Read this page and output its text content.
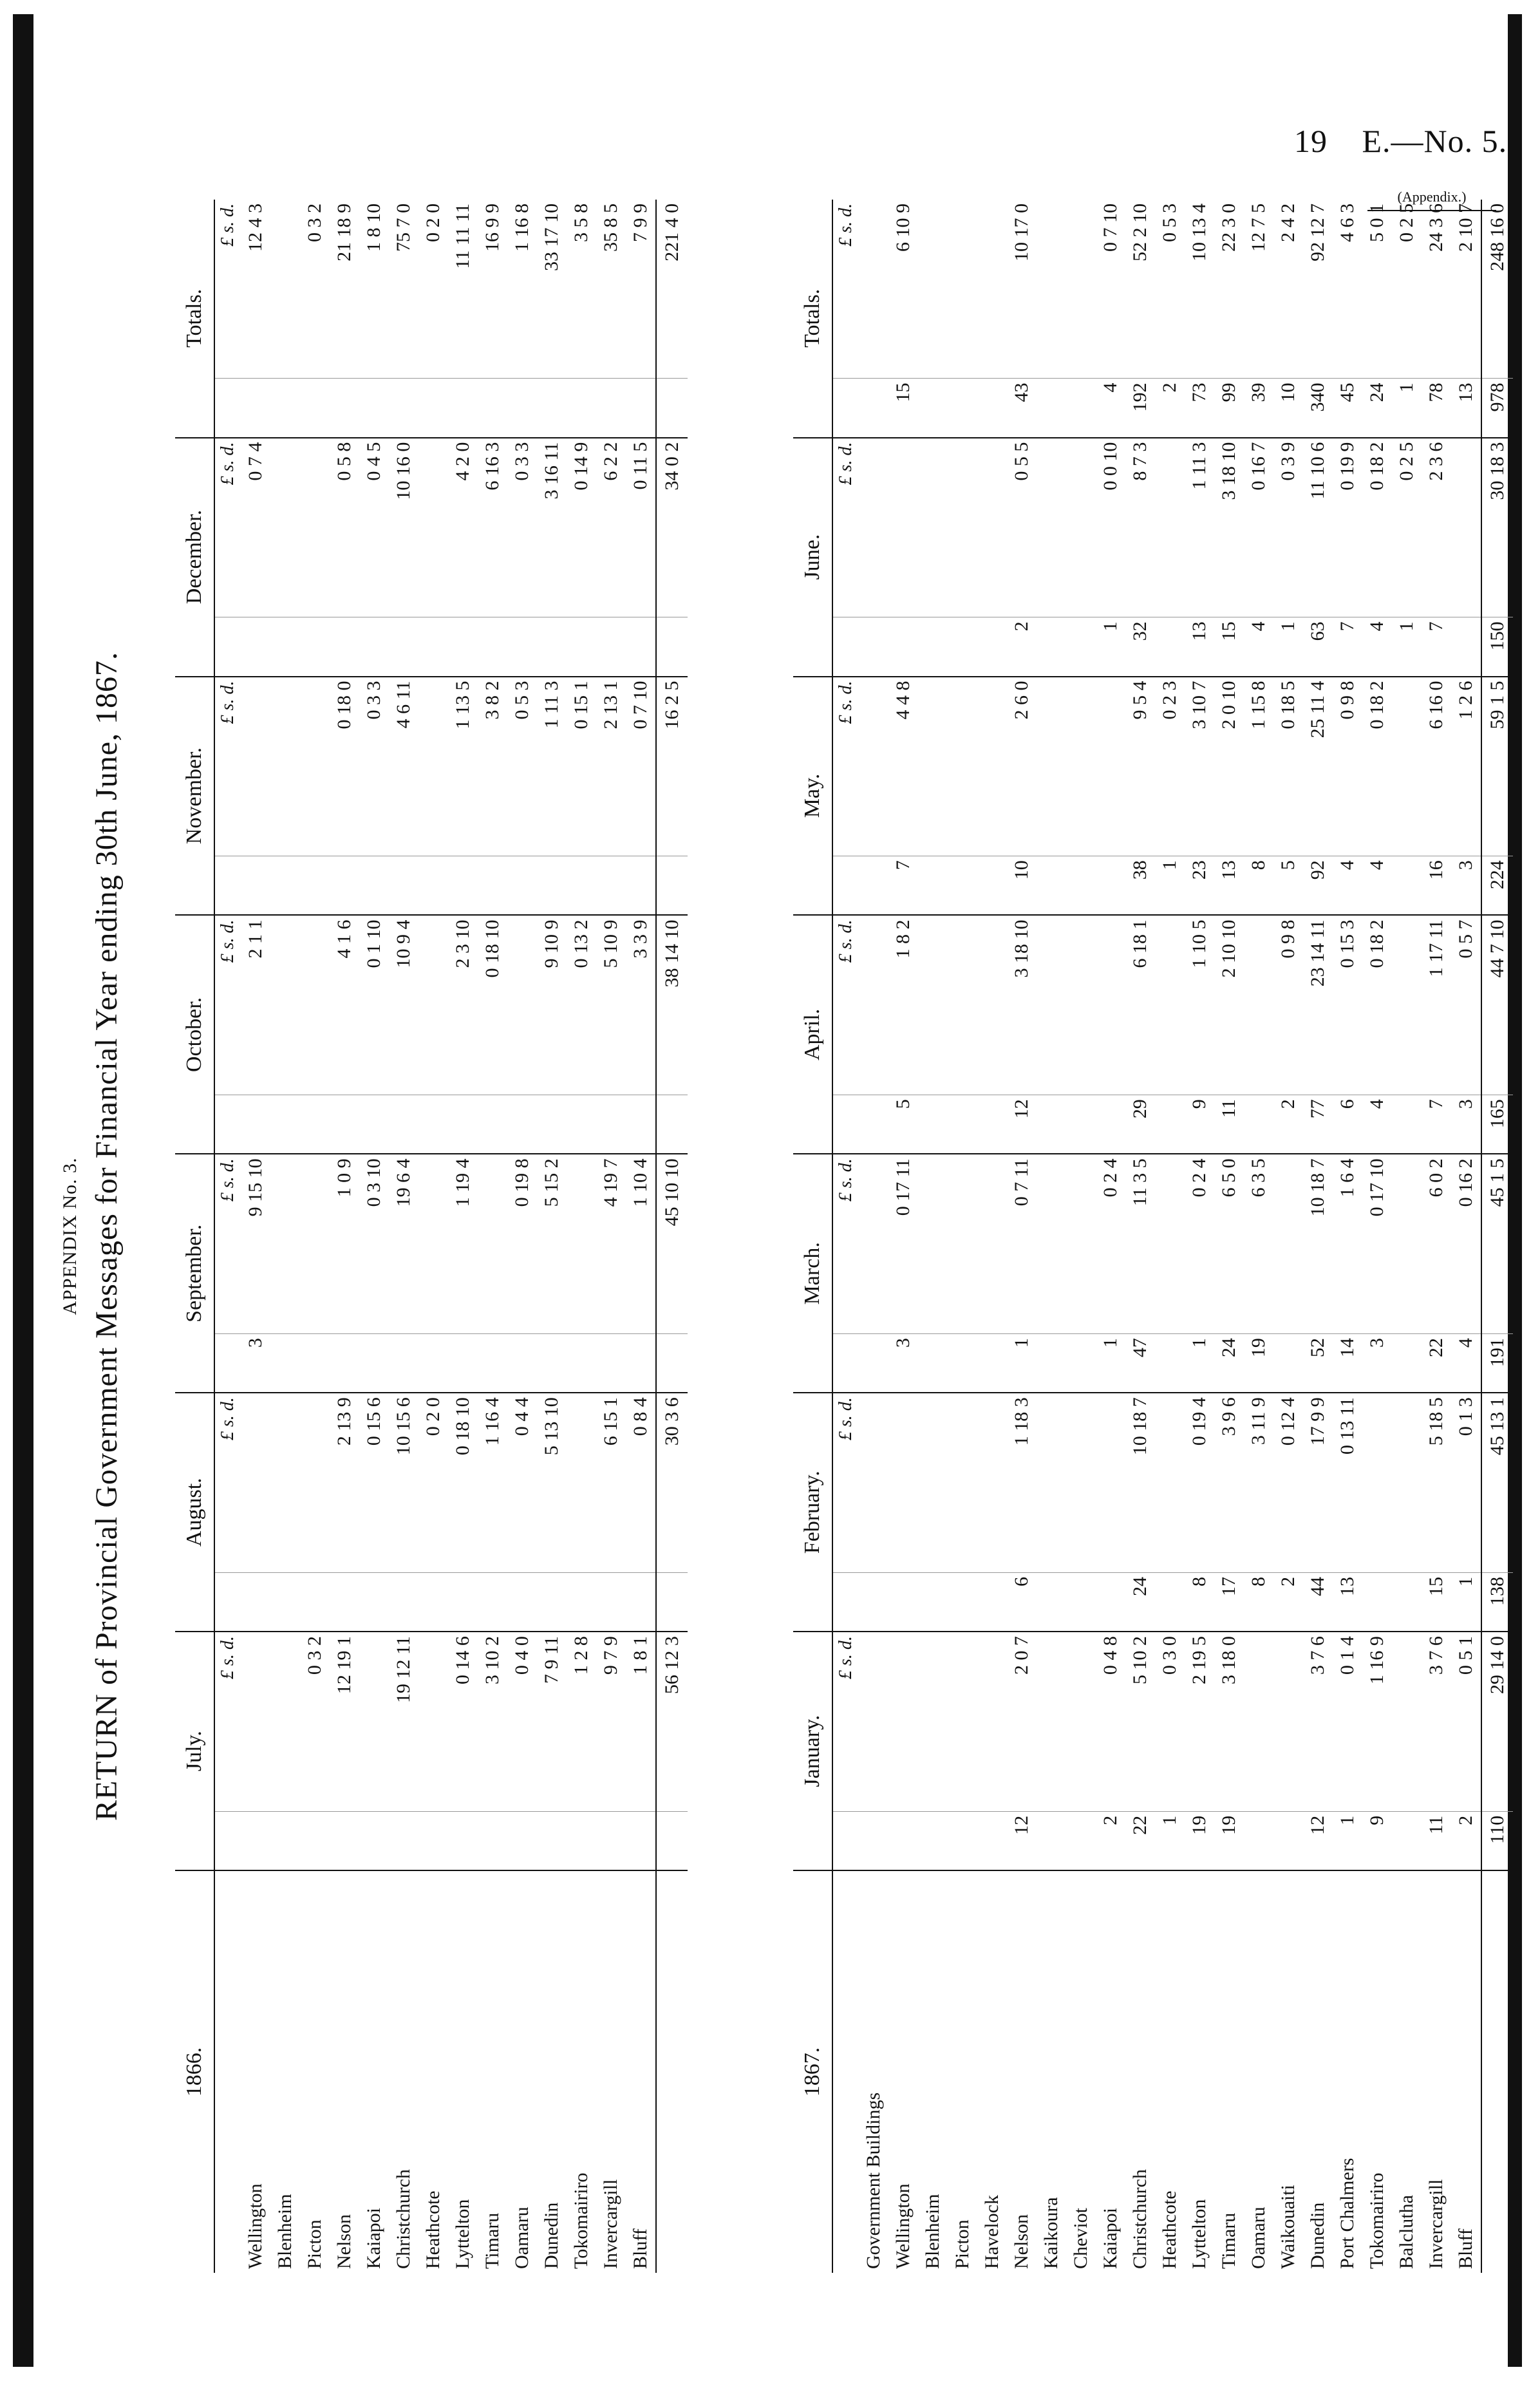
19 E.—No. 5.
(Appendix.)
APPENDIX No. 3. RETURN of Provincial Government Messages for Financial Year ending 30th June, 1867.
1866.	July.		August.		September.		October.		November.		December.		Totals.	
		£ s. d.		£ s. d.		£ s. d.		£ s. d.		£ s. d.		£ s. d.		£ s. d.
Wellington					3	9 15 10		2 1 1				0 7 4		12 4 3
Blenheim														
Picton		0 3 2												0 3 2
Nelson		12 19 1		2 13 9		1 0 9		4 1 6		0 18 0		0 5 8		21 18 9
Kaiapoi				0 15 6		0 3 10		0 1 10		0 3 3		0 4 5		1 8 10
Christchurch		19 12 11		10 15 6		19 6 4		10 9 4		4 6 11		10 16 0		75 7 0
Heathcote				0 2 0										0 2 0
Lyttelton		0 14 6		0 18 10		1 19 4		2 3 10		1 13 5		4 2 0		11 11 11
Timaru		3 10 2		1 16 4				0 18 10		3 8 2		6 16 3		16 9 9
Oamaru		0 4 0		0 4 4		0 19 8				0 5 3		0 3 3		1 16 8
Dunedin		7 9 11		5 13 10		5 15 2		9 10 9		1 11 3		3 16 11		33 17 10
Tokomairiro		1 2 8						0 13 2		0 15 1		0 14 9		3 5 8
Invercargill		9 7 9		6 15 1		4 19 7		5 10 9		2 13 1		6 2 2		35 8 5
Bluff		1 8 1		0 8 4		1 10 4		3 3 9		0 7 10		0 11 5		7 9 9
		56 12 3		30 3 6		45 10 10		38 14 10		16 2 5		34 0 2		221 4 0
1867.	January.		February.		March.		April.		May.		June.		Totals.	
		£ s. d.		£ s. d.		£ s. d.		£ s. d.		£ s. d.		£ s. d.		£ s. d.
Government Buildings														
Wellington					3	0 17 11	5	1 8 2	7	4 4 8			15	6 10 9
Blenheim														
Picton														
Havelock														
Nelson	12	2 0 7	6	1 18 3	1	0 7 11	12	3 18 10	10	2 6 0	2	0 5 5	43	10 17 0
Kaikoura														
Cheviot														
Kaiapoi	2	0 4 8			1	0 2 4					1	0 0 10	4	0 7 10
Christchurch	22	5 10 2	24	10 18 7	47	11 3 5	29	6 18 1	38	9 5 4	32	8 7 3	192	52 2 10
Heathcote	1	0 3 0							1	0 2 3			2	0 5 3
Lyttelton	19	2 19 5	8	0 19 4	1	0 2 4	9	1 10 5	23	3 10 7	13	1 11 3	73	10 13 4
Timaru	19	3 18 0	17	3 9 6	24	6 5 0	11	2 10 10	13	2 0 10	15	3 18 10	99	22 3 0
Oamaru			8	3 11 9	19	6 3 5			8	1 15 8	4	0 16 7	39	12 7 5
Waikouaiti			2	0 12 4			2	0 9 8	5	0 18 5	1	0 3 9	10	2 4 2
Dunedin	12	3 7 6	44	17 9 9	52	10 18 7	77	23 14 11	92	25 11 4	63	11 10 6	340	92 12 7
Port Chalmers	1	0 1 4	13	0 13 11	14	1 6 4	6	0 15 3	4	0 9 8	7	0 19 9	45	4 6 3
Tokomairiro	9	1 16 9			3	0 17 10	4	0 18 2	4	0 18 2	4	0 18 2	24	5 0 1
Balclutha											1	0 2 5	1	0 2 5
Invercargill	11	3 7 6	15	5 18 5	22	6 0 2	7	1 17 11	16	6 16 0	7	2 3 6	78	24 3 6
Bluff	2	0 5 1	1	0 1 3	4	0 16 2	3	0 5 7	3	1 2 6			13	2 10 7
	110	29 14 0	138	45 13 1	191	45 1 5	165	44 7 10	224	59 1 5	150	30 18 3	978	248 16 0
